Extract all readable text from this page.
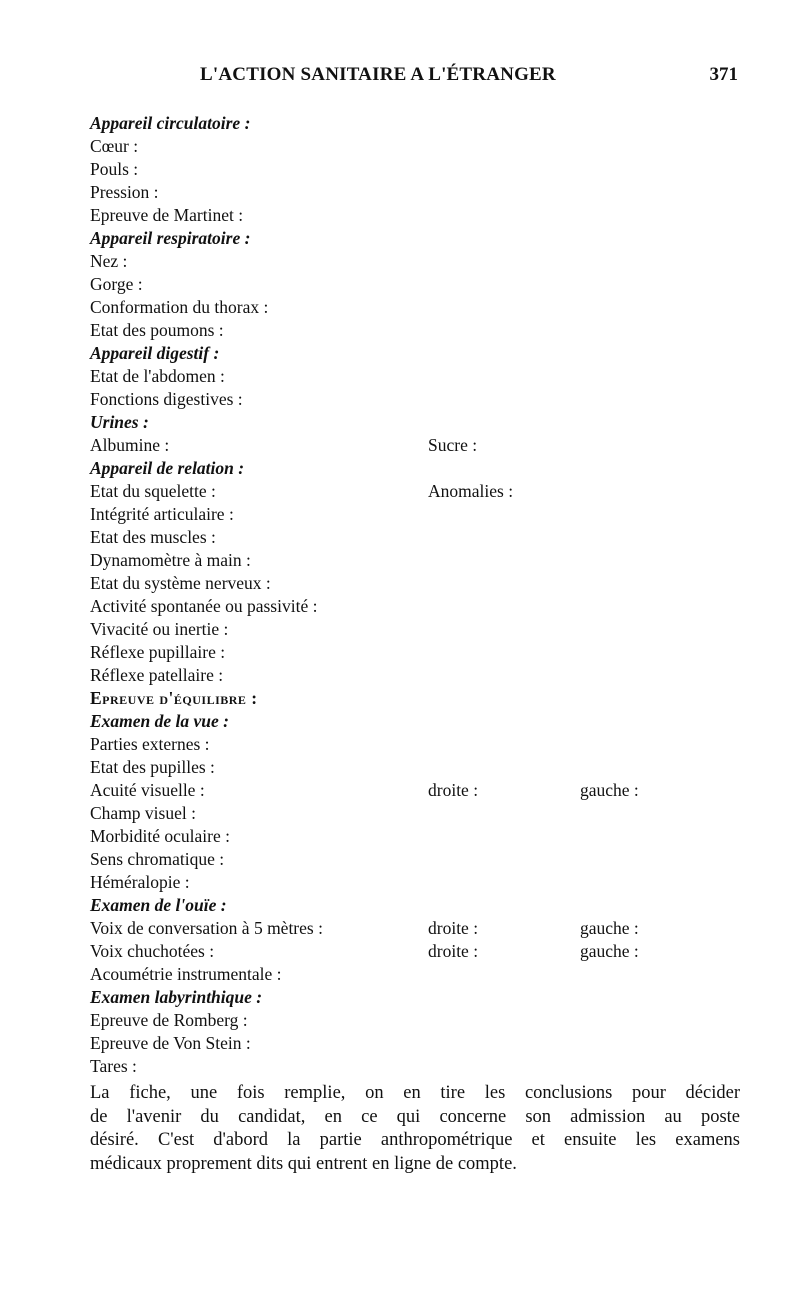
L'ACTION SANITAIRE A L'ÉTRANGER	371
Appareil circulatoire :
Cœur :
Pouls :
Pression :
Epreuve de Martinet :
Appareil respiratoire :
Nez :
Gorge :
Conformation du thorax :
Etat des poumons :
Appareil digestif :
Etat de l'abdomen :
Fonctions digestives :
Urines :
Albumine :	Sucre :
Appareil de relation :
Etat du squelette :	Anomalies :
Intégrité articulaire :
Etat des muscles :
Dynamomètre à main :
Etat du système nerveux :
Activité spontanée ou passivité :
Vivacité ou inertie :
Réflexe pupillaire :
Réflexe patellaire :
Epreuve d'équilibre :
Examen de la vue :
Parties externes :
Etat des pupilles :
Acuité visuelle :	droite :	gauche :
Champ visuel :
Morbidité oculaire :
Sens chromatique :
Héméralopie :
Examen de l'ouïe :
Voix de conversation à 5 mètres :	droite :	gauche :
Voix chuchotées :	droite :	gauche :
Acoumétrie instrumentale :
Examen labyrinthique :
Epreuve de Romberg :
Epreuve de Von Stein :
Tares :
La fiche, une fois remplie, on en tire les conclusions pour décider
de l'avenir du candidat, en ce qui concerne son admission au poste
désiré. C'est d'abord la partie anthropométrique et ensuite les examens
médicaux proprement dits qui entrent en ligne de compte.
